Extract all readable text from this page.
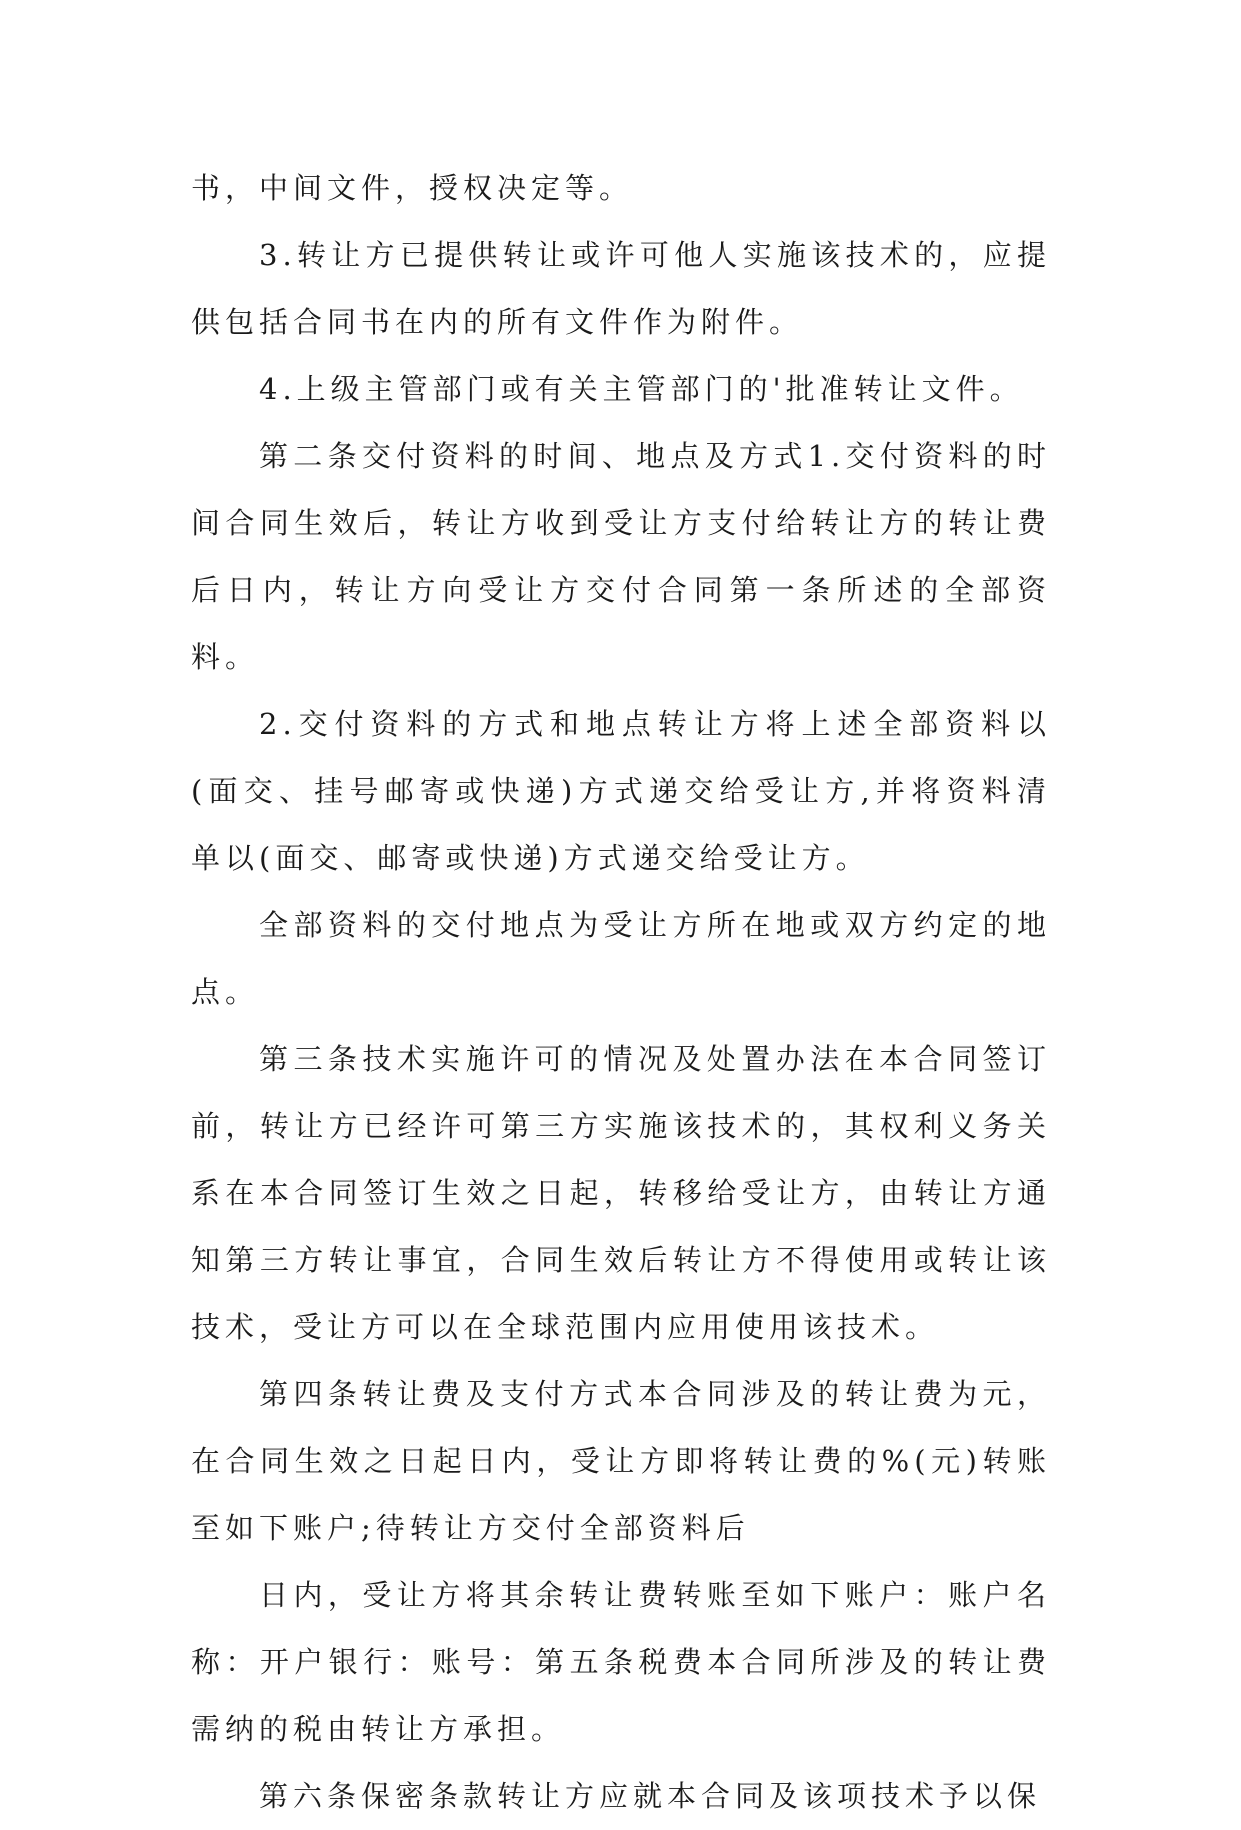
书，中间文件，授权决定等。

3.转让方已提供转让或许可他人实施该技术的，应提供包括合同书在内的所有文件作为附件。

4.上级主管部门或有关主管部门的'批准转让文件。

第二条交付资料的时间、地点及方式1.交付资料的时间合同生效后，转让方收到受让方支付给转让方的转让费后日内，转让方向受让方交付合同第一条所述的全部资料。

2.交付资料的方式和地点转让方将上述全部资料以(面交、挂号邮寄或快递)方式递交给受让方,并将资料清单以(面交、邮寄或快递)方式递交给受让方。

全部资料的交付地点为受让方所在地或双方约定的地点。

第三条技术实施许可的情况及处置办法在本合同签订前，转让方已经许可第三方实施该技术的，其权利义务关系在本合同签订生效之日起，转移给受让方，由转让方通知第三方转让事宜，合同生效后转让方不得使用或转让该技术，受让方可以在全球范围内应用使用该技术。

第四条转让费及支付方式本合同涉及的转让费为元，在合同生效之日起日内，受让方即将转让费的%(元)转账至如下账户;待转让方交付全部资料后

日内，受让方将其余转让费转账至如下账户：账户名称：开户银行：账号：第五条税费本合同所涉及的转让费需纳的税由转让方承担。

第六条保密条款转让方应就本合同及该项技术予以保
